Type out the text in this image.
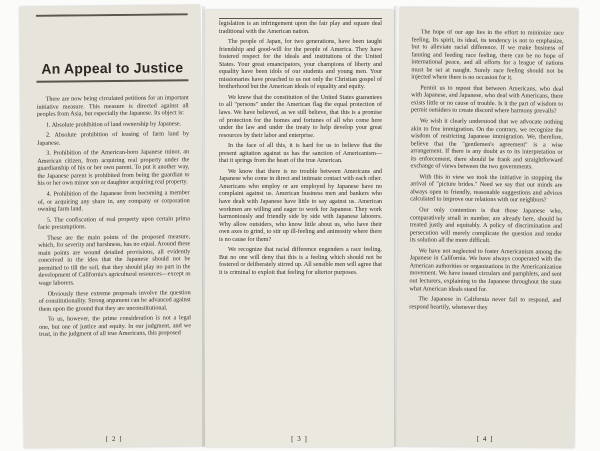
An Appeal to Justice

There are now being circulated petitions for an important initiative measure. This measure is directed against all peoples from Asia, but especially the Japanese. Its object is:

1. Absolute prohibition of land ownership by Japanese.

2. Absolute prohibition of leasing of farm land by Japanese.

3. Prohibition of the American-born Japanese minor, an American citizen, from acquiring real property under the guardianship of his or her own parent. To put it another way, the Japanese parent is prohibited from being the guardian to his or her own minor son or daughter acquiring real property.

4. Prohibition of the Japanese from becoming a member of, or acquiring any share in, any company or corporation owning farm land.

5. The confiscation of real property upon certain prima facie presumptions.

These are the main points of the proposed measure, which, for severity and harshness, has no equal. Around these main points are wound detailed provisions, all evidently conceived in the idea that the Japanese should not be permitted to till the soil, that they should play no part in the development of California's agricultural resources—except as wage laborers.

Obviously these extreme proposals involve the question of constitutionality. Strong argument can be advanced against them upon the ground that they are unconstitutional.

To us, however, the prime consideration is not a legal one, but one of justice and equity. In our judgment, and we trust, in the judgment of all true Americans, this proposed

[ 2 ]

legislation is an infringement upon the fair play and square deal traditional with the American nation.

The people of Japan, for two generations, have been taught friendship and good-will for the people of America. They have fostered respect for the ideals and institutions of the United States. Your great emancipators, your champions of liberty and equality have been idols of our students and young men. Your missionaries have preached to us not only the Christian gospel of brotherhood but the American ideals of equality and equity.

We know that the constitution of the United States guarantees to all "persons" under the American flag the equal protection of laws. We have believed, as we still believe, that this is a promise of protection for the homes and fortunes of all who come here under the law and under the treaty to help develop your great resources by their labor and enterprise.

In the face of all this, it is hard for us to believe that the present agitation against us has the sanction of Americanism—that it springs from the heart of the true American.

We know that there is no trouble between Americans and Japanese who come in direct and intimate contact with each other. Americans who employ or are employed by Japanese have no complaint against us. American business men and bankers who have dealt with Japanese have little to say against us. American workmen are willing and eager to work for Japanese. They work harmoniously and friendly side by side with Japanese laborers. Why allow outsiders, who know little about us, who have their own axes to grind, to stir up ill-feeling and animosity where there is no cause for them?

We recognize that racial difference engenders a race feeling. But no one will deny that this is a feeling which should not be fostered or deliberately stirred up. All sensible men will agree that it is criminal to exploit that feeling for ulterior purposes.

[ 3 ]

The hope of our age lies in the effort to minimize race feeling. Its spirit, its ideal, its tendency is not to emphasize, but to alleviate racial difference. If we make business of fanning and feeding race feeling, there can be no hope of international peace, and all efforts for a league of nations must be set at naught. Surely race feeling should not be injected where there is no occasion for it.

Permit us to repeat that between Americans, who deal with Japanese, and Japanese, who deal with Americans, there exists little or no cause of trouble. Is it the part of wisdom to permit outsiders to create discord where harmony prevails?

We wish it clearly understood that we advocate nothing akin to free immigration. On the contrary, we recognize the wisdom of restricting Japanese immigration. We, therefore, believe that the "gentlemen's agreement" is a wise arrangement. If there is any doubt as to its interpretation or its enforcement, there should be frank and straightforward exchange of views between the two governments.

With this in view we took the initiative in stopping the arrival of "picture brides." Need we say that our minds are always open to friendly, reasonable suggestions and advices calculated to improve our relations with our neighbors?

Our only contention is that those Japanese who, comparatively small in number, are already here, should be treated justly and equitably. A policy of discrimination and persecution will merely complicate the question and render its solution all the more difficult.

We have not neglected to foster Americanism among the Japanese in California. We have always cooperated with the American authorities or organizations in the Americanization movement. We have issued circulars and pamphlets, and sent out lecturers, explaining to the Japanese throughout the state what American ideals stand for.

The Japanese in California never fail to respond, and respond heartily, whenever they

[ 4 ]
